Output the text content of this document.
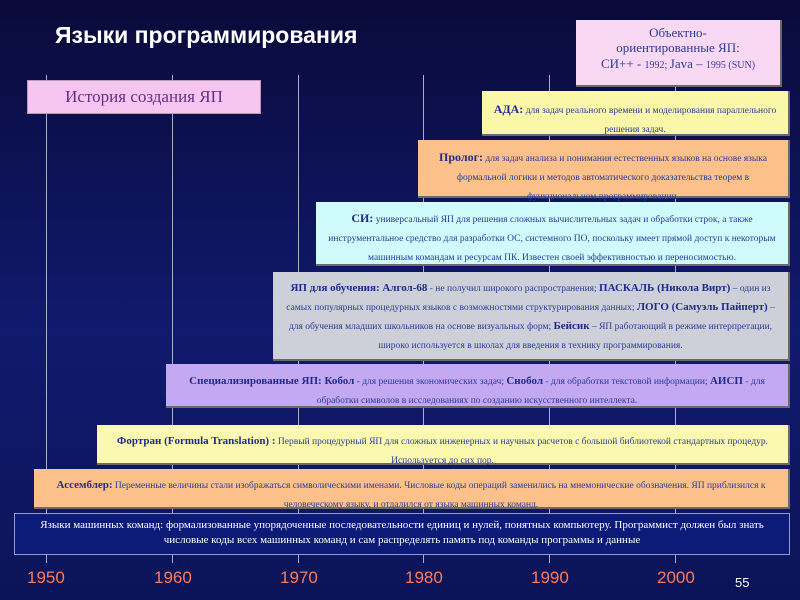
Языки программирования
История создания ЯП
Объектно-
ориентированные ЯП:
СИ++ - 1992; Java – 1995 (SUN)
АДА: для задач реального времени и моделирования параллельного решения задач.
Пролог: для задач анализа и понимания естественных языков на основе языка формальной логики и методов автоматического доказательства теорем в функциональном программировании.
СИ: универсальный ЯП для решения сложных вычислительных задач и обработки строк, а также инструментальное средство для разработки ОС, системного ПО, поскольку имеет прямой доступ к некоторым машинным командам и ресурсам ПК. Известен своей эффективностью и переносимостью.
ЯП для обучения: Алгол-68 - не получил широкого распространения; ПАСКАЛЬ (Никола Вирт) – один из самых популярных процедурных языков с возможностями структурирования данных; ЛОГО (Самуэль Пайперт) – для обучения младших школьников на основе визуальных форм; Бейсик – ЯП работающий в режиме интерпретации, широко используется в школах для введения в технику программирования.
Специализированные ЯП: Кобол - для решения экономических задач; Снобол - для обработки текстовой информации; АИСП - для обработки символов в исследованиях по созданию искусственного интеллекта.
Фортран (Formula Translation) : Первый процедурный ЯП для сложных инженерных и научных расчетов с большой библиотекой стандартных процедур. Используется до сих пор.
Ассемблер: Переменные величины стали изображаться символическими именами. Числовые коды операций заменились на мнемонические обозначения. ЯП приблизился к человеческому языку, и отдалился от языка машинных команд.
Языки машинных команд: формализованные упорядоченные последовательности единиц и нулей, понятных компьютеру. Программист должен был знать числовые коды всех машинных команд и сам распределять память под команды программы и данные
1950	1960	1970	1980	1990	2000	55
